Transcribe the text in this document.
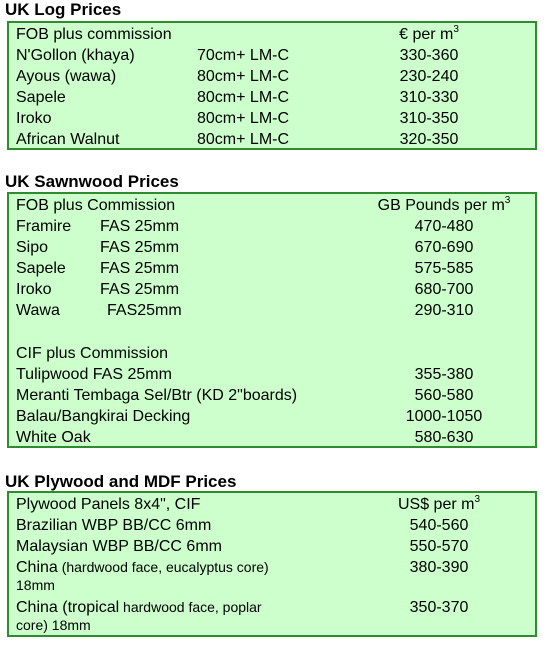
UK Log Prices
FOB plus commission	€ per $m^3$
N'Gollon (khaya)	70cm+ LM-C	330-360
Ayous (wawa)	80cm+ LM-C	230-240
Sapele	80cm+ LM-C	310-330
Iroko	80cm+ LM-C	310-350
African Walnut	80cm+ LM-C	320-350
UK Sawnwood Prices
FOB plus Commission	GB Pounds per $m^3$
Framire FAS 25mm	470-480
Sipo	FAS 25mm	670-690
Sapele FAS 25mm	575-585
Iroko	FAS 25mm	680-700
Wawa	FAS25mm	290-310
CIF plus Commission
Tulipwood FAS 25mm	355-380
Meranti Tembaga Sel/Btr (KD 2"boards)	560-580
Balau/Bangkirai Decking	1000-1050
White Oak	580-630
UK Plywood and MDF Prices
Plywood Panels 8x4", CIF	US$ per $m^3$
Brazilian WBP BB/CC 6mm	540-560
Malaysian WBP BB/CC 6mm	550-570
China (hardwood face, eucalyptus core)	380-390
18mm
China (tropical hardwood face, poplar	350-370
core) 18mm
